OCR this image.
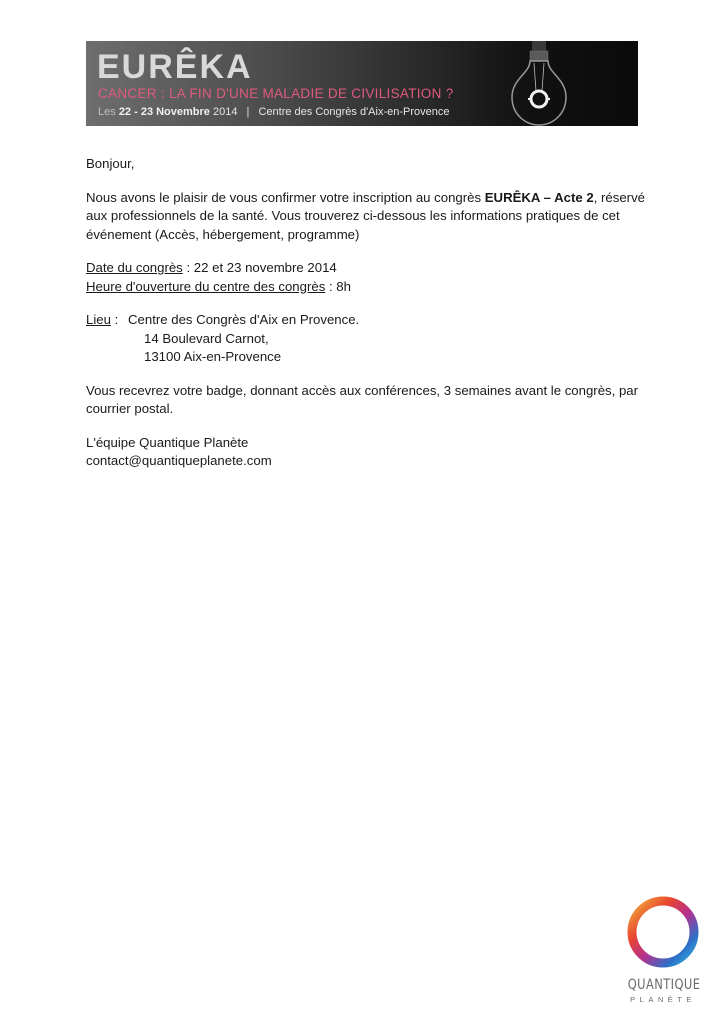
EURÊKA
CANCER : LA FIN D'UNE MALADIE DE CIVILISATION ?
Les 22 - 23 Novembre 2014 | Centre des Congrès d'Aix-en-Provence

Bonjour,

Nous avons le plaisir de vous confirmer votre inscription au congrès EURÊKA – Acte 2, réservé aux professionnels de la santé. Vous trouverez ci-dessous les informations pratiques de cet événement (Accès, hébergement, programme)

Date du congrès : 22 et 23 novembre 2014
Heure d'ouverture du centre des congrès : 8h

Lieu : Centre des Congrès d'Aix en Provence.
14 Boulevard Carnot,
13100 Aix-en-Provence

Vous recevrez votre badge, donnant accès aux conférences, 3 semaines avant le congrès, par courrier postal.

L'équipe Quantique Planète
contact@quantiqueplanete.com

QUANTIQUE
PLANÈTE
